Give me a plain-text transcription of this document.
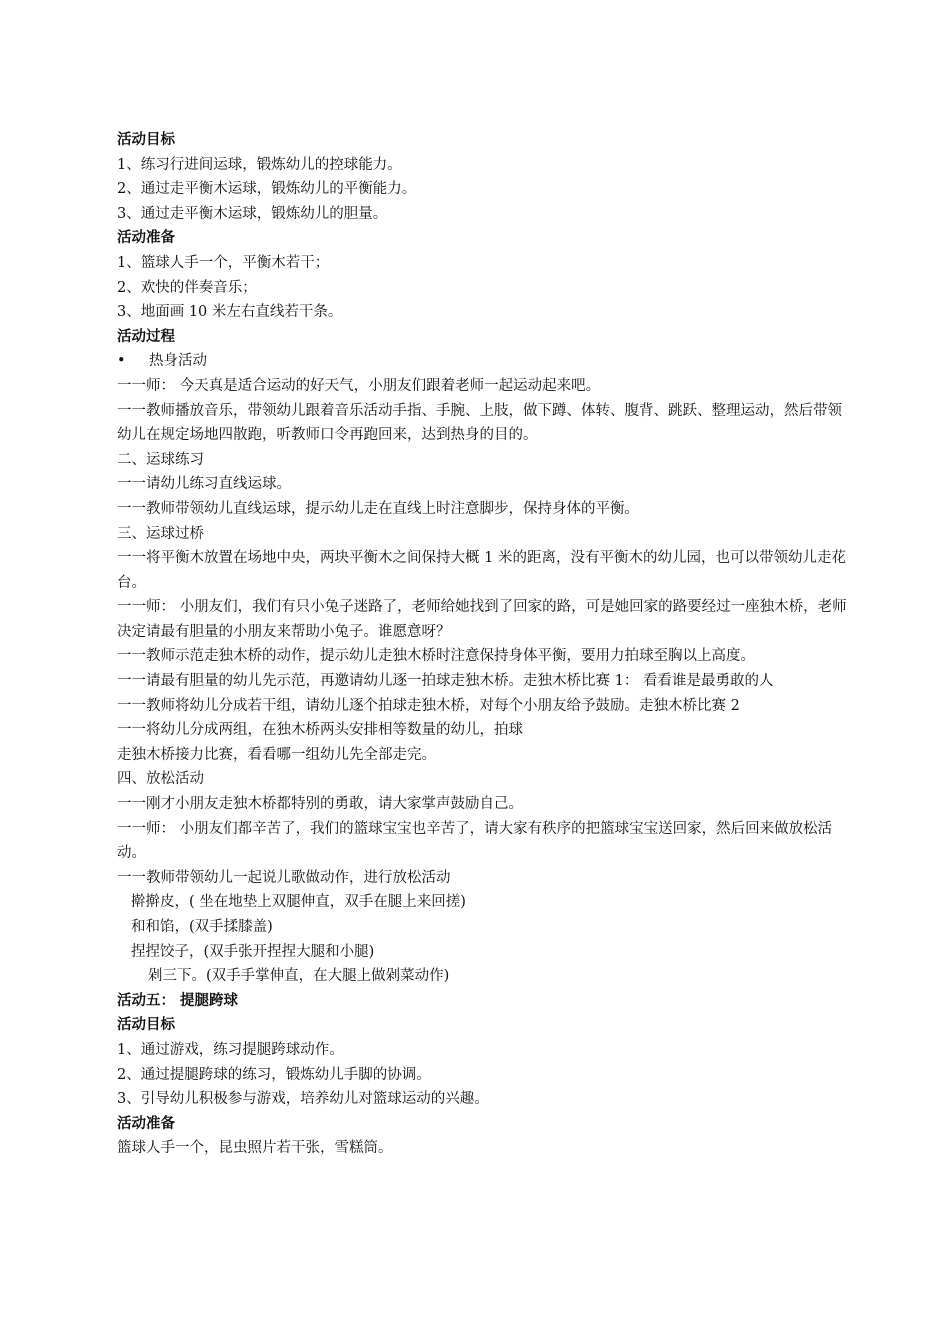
活动目标

1、练习行进间运球，锻炼幼儿的控球能力。

2、通过走平衡木运球，锻炼幼儿的平衡能力。

3、通过走平衡木运球，锻炼幼儿的胆量。

活动准备

1、篮球人手一个，平衡木若干；

2、欢快的伴奏音乐；

3、地面画 10 米左右直线若干条。

活动过程

•	热身活动

一一师： 今天真是适合运动的好天气，小朋友们跟着老师一起运动起来吧。

一一教师播放音乐，带领幼儿跟着音乐活动手指、手腕、上肢，做下蹲、体转、腹背、跳跃、整理运动，然后带领幼儿在规定场地四散跑，听教师口令再跑回来，达到热身的目的。

二、运球练习

一一请幼儿练习直线运球。

一一教师带领幼儿直线运球，提示幼儿走在直线上时注意脚步，保持身体的平衡。

三、运球过桥

一一将平衡木放置在场地中央，两块平衡木之间保持大概 1 米的距离，没有平衡木的幼儿园，也可以带领幼儿走花台。

一一师： 小朋友们，我们有只小兔子迷路了，老师给她找到了回家的路，可是她回家的路要经过一座独木桥，老师决定请最有胆量的小朋友来帮助小兔子。谁愿意呀？

一一教师示范走独木桥的动作，提示幼儿走独木桥时注意保持身体平衡，要用力拍球至胸以上高度。

一一请最有胆量的幼儿先示范，再邀请幼儿逐一拍球走独木桥。走独木桥比赛 1： 看看谁是最勇敢的人

一一教师将幼儿分成若干组，请幼儿逐个拍球走独木桥，对每个小朋友给予鼓励。走独木桥比赛 2

一一将幼儿分成两组，在独木桥两头安排相等数量的幼儿，拍球

走独木桥接力比赛，看看哪一组幼儿先全部走完。

四、放松活动

一一刚才小朋友走独木桥都特别的勇敢，请大家掌声鼓励自己。

一一师： 小朋友们都辛苦了，我们的篮球宝宝也辛苦了，请大家有秩序的把篮球宝宝送回家，然后回来做放松活动。

一一教师带领幼儿一起说儿歌做动作，进行放松活动

擀擀皮，( 坐在地垫上双腿伸直，双手在腿上来回搓)

和和馅，(双手揉膝盖)

捏捏饺子，(双手张开捏捏大腿和小腿)

剁三下。(双手手掌伸直，在大腿上做剁菜动作)

活动五： 提腿跨球

活动目标

1、通过游戏，练习提腿跨球动作。

2、通过提腿跨球的练习，锻炼幼儿手脚的协调。

3、引导幼儿积极参与游戏，培养幼儿对篮球运动的兴趣。

活动准备

篮球人手一个，昆虫照片若干张，雪糕筒。
